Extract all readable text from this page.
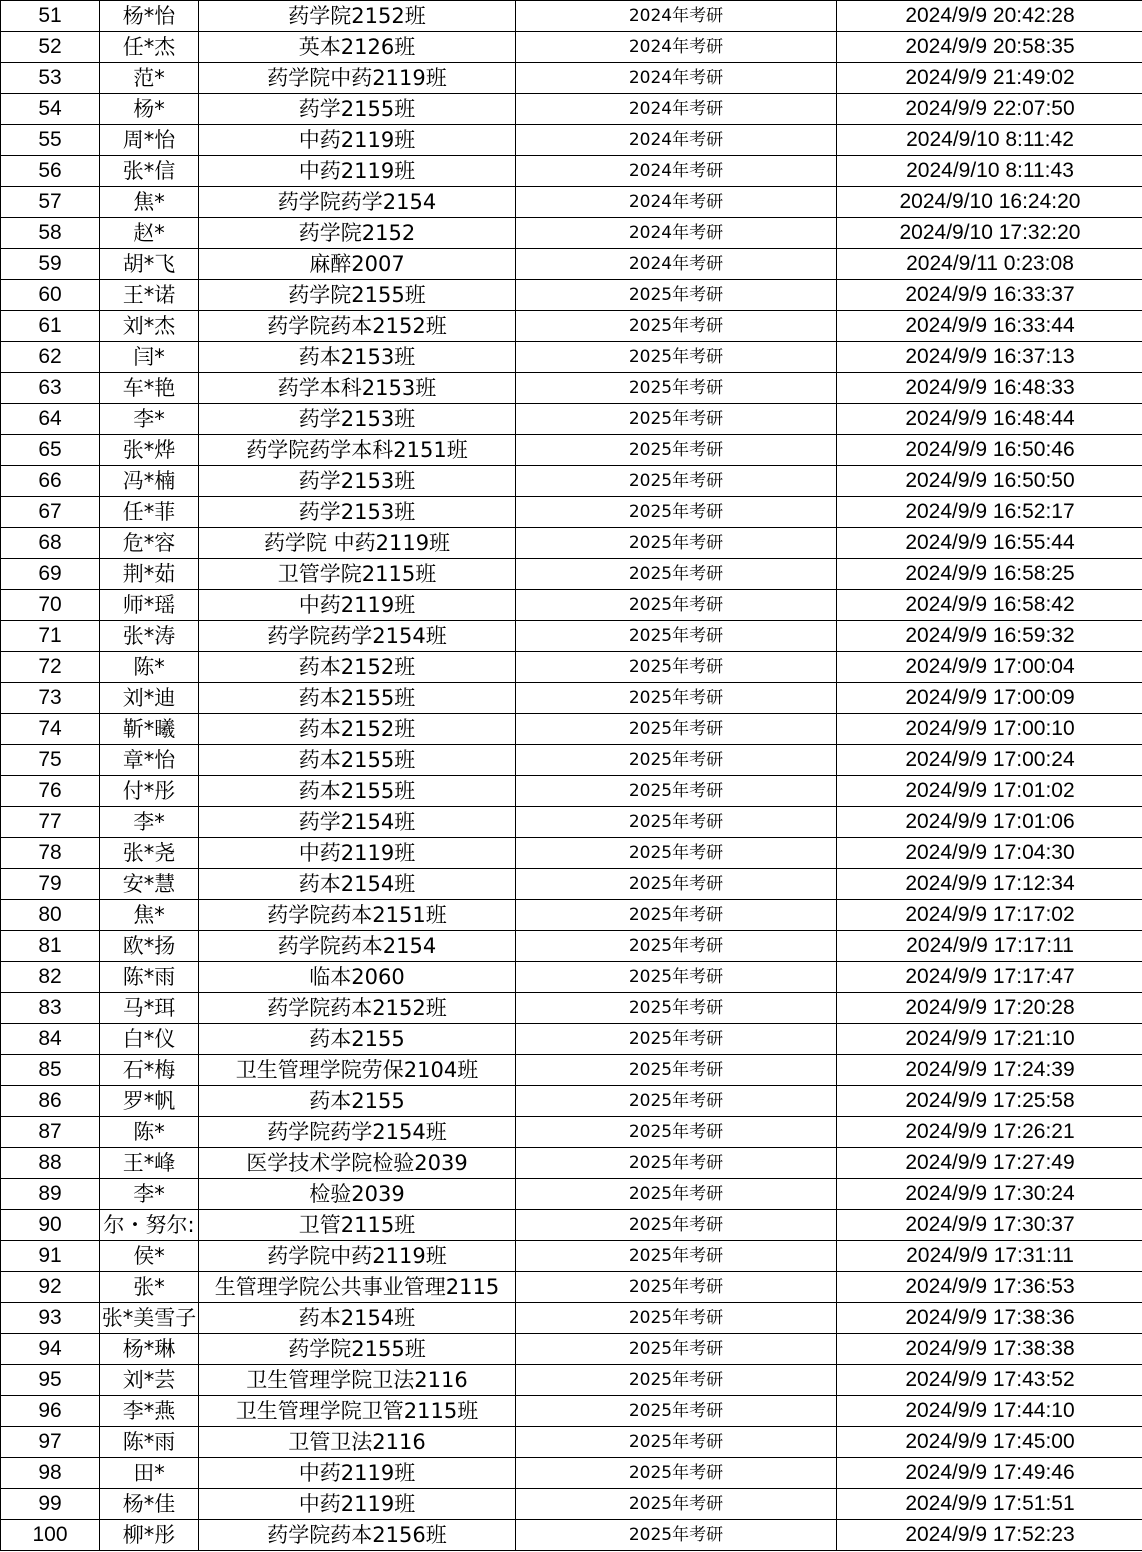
51	杨*怡	药学院2152班	2024年考研	2024/9/9 20:42:28
52	任*杰	英本2126班	2024年考研	2024/9/9 20:58:35
53	范*	药学院中药2119班	2024年考研	2024/9/9 21:49:02
54	杨*	药学2155班	2024年考研	2024/9/9 22:07:50
55	周*怡	中药2119班	2024年考研	2024/9/10 8:11:42
56	张*信	中药2119班	2024年考研	2024/9/10 8:11:43
57	焦*	药学院药学2154	2024年考研	2024/9/10 16:24:20
58	赵*	药学院2152	2024年考研	2024/9/10 17:32:20
59	胡*飞	麻醉2007	2024年考研	2024/9/11 0:23:08
60	王*诺	药学院2155班	2025年考研	2024/9/9 16:33:37
61	刘*杰	药学院药本2152班	2025年考研	2024/9/9 16:33:44
62	闫*	药本2153班	2025年考研	2024/9/9 16:37:13
63	车*艳	药学本科2153班	2025年考研	2024/9/9 16:48:33
64	李*	药学2153班	2025年考研	2024/9/9 16:48:44
65	张*烨	药学院药学本科2151班	2025年考研	2024/9/9 16:50:46
66	冯*楠	药学2153班	2025年考研	2024/9/9 16:50:50
67	任*菲	药学2153班	2025年考研	2024/9/9 16:52:17
68	危*容	药学院 中药2119班	2025年考研	2024/9/9 16:55:44
69	荆*茹	卫管学院2115班	2025年考研	2024/9/9 16:58:25
70	师*瑶	中药2119班	2025年考研	2024/9/9 16:58:42
71	张*涛	药学院药学2154班	2025年考研	2024/9/9 16:59:32
72	陈*	药本2152班	2025年考研	2024/9/9 17:00:04
73	刘*迪	药本2155班	2025年考研	2024/9/9 17:00:09
74	靳*曦	药本2152班	2025年考研	2024/9/9 17:00:10
75	章*怡	药本2155班	2025年考研	2024/9/9 17:00:24
76	付*彤	药本2155班	2025年考研	2024/9/9 17:01:02
77	李*	药学2154班	2025年考研	2024/9/9 17:01:06
78	张*尧	中药2119班	2025年考研	2024/9/9 17:04:30
79	安*慧	药本2154班	2025年考研	2024/9/9 17:12:34
80	焦*	药学院药本2151班	2025年考研	2024/9/9 17:17:02
81	欧*扬	药学院药本2154	2025年考研	2024/9/9 17:17:11
82	陈*雨	临本2060	2025年考研	2024/9/9 17:17:47
83	马*珥	药学院药本2152班	2025年考研	2024/9/9 17:20:28
84	白*仪	药本2155	2025年考研	2024/9/9 17:21:10
85	石*梅	卫生管理学院劳保2104班	2025年考研	2024/9/9 17:24:39
86	罗*帆	药本2155	2025年考研	2024/9/9 17:25:58
87	陈*	药学院药学2154班	2025年考研	2024/9/9 17:26:21
88	王*峰	医学技术学院检验2039	2025年考研	2024/9/9 17:27:49
89	李*	检验2039	2025年考研	2024/9/9 17:30:24
90	尔・努尔:	卫管2115班	2025年考研	2024/9/9 17:30:37
91	侯*	药学院中药2119班	2025年考研	2024/9/9 17:31:11
92	张*	生管理学院公共事业管理2115	2025年考研	2024/9/9 17:36:53
93	张*美雪子	药本2154班	2025年考研	2024/9/9 17:38:36
94	杨*琳	药学院2155班	2025年考研	2024/9/9 17:38:38
95	刘*芸	卫生管理学院卫法2116	2025年考研	2024/9/9 17:43:52
96	李*燕	卫生管理学院卫管2115班	2025年考研	2024/9/9 17:44:10
97	陈*雨	卫管卫法2116	2025年考研	2024/9/9 17:45:00
98	田*	中药2119班	2025年考研	2024/9/9 17:49:46
99	杨*佳	中药2119班	2025年考研	2024/9/9 17:51:51
100	柳*彤	药学院药本2156班	2025年考研	2024/9/9 17:52:23
